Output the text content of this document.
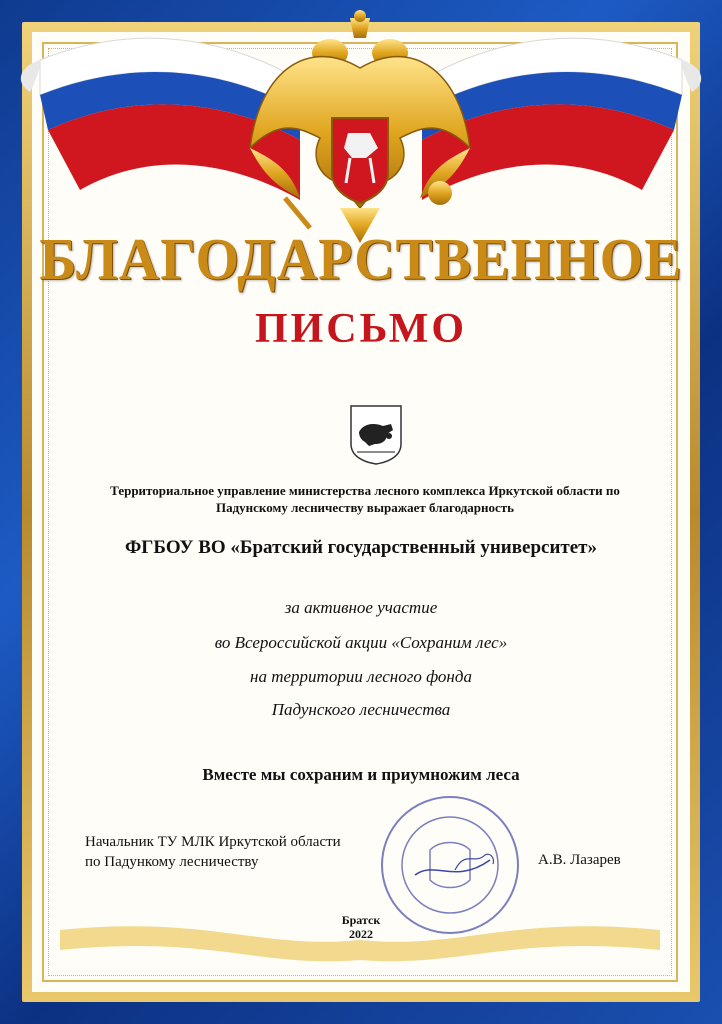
БЛАГОДАРСТВЕННОЕ
ПИСЬМО
Территориальное управление министерства лесного комплекса Иркутской области по Падунскому лесничеству выражает благодарность
ФГБОУ ВО «Братский государственный университет»
за активное участие
во Всероссийской акции «Сохраним лес»
на территории лесного фонда
Падунского лесничества
Вместе мы сохраним и приумножим леса
Начальник ТУ МЛК Иркутской области
по Падункому лесничеству	А.В. Лазарев
Братск
2022
